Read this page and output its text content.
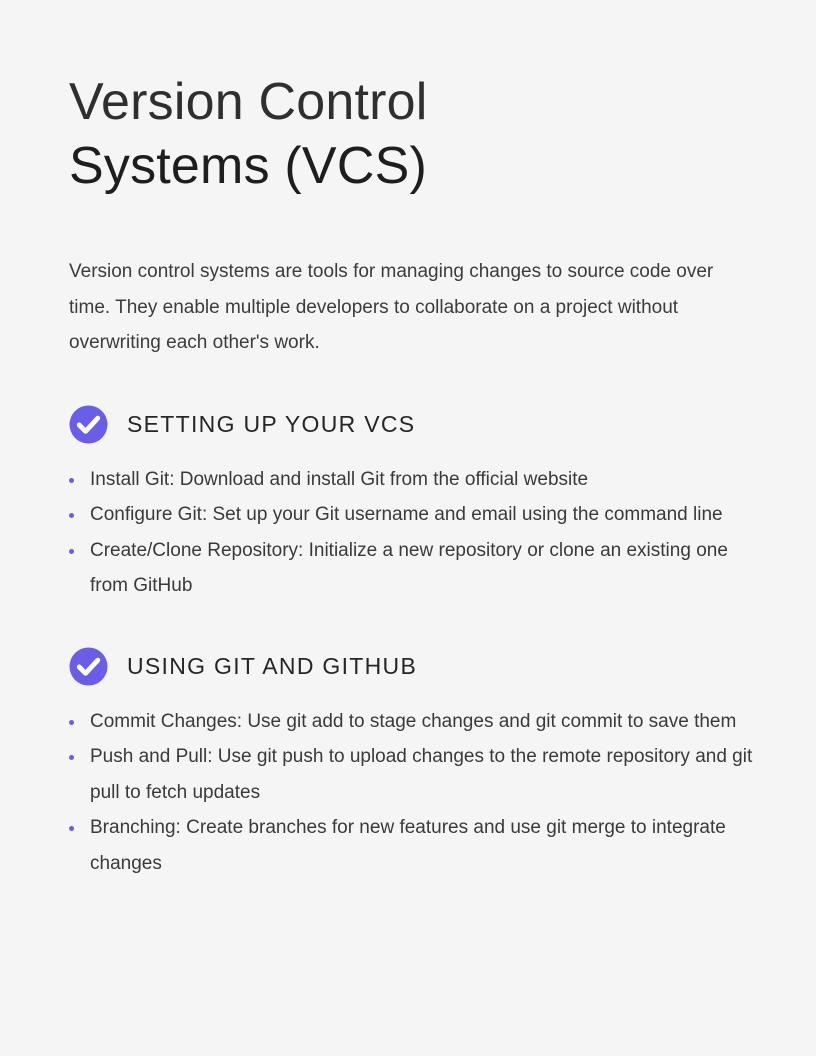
Version Control
Systems (VCS)

Version control systems are tools for managing changes to source code over time. They enable multiple developers to collaborate on a project without overwriting each other's work.

SETTING UP YOUR VCS
Install Git: Download and install Git from the official website
Configure Git: Set up your Git username and email using the command line
Create/Clone Repository: Initialize a new repository or clone an existing one from GitHub
USING GIT AND GITHUB
Commit Changes: Use git add to stage changes and git commit to save them
Push and Pull: Use git push to upload changes to the remote repository and git pull to fetch updates
Branching: Create branches for new features and use git merge to integrate changes
